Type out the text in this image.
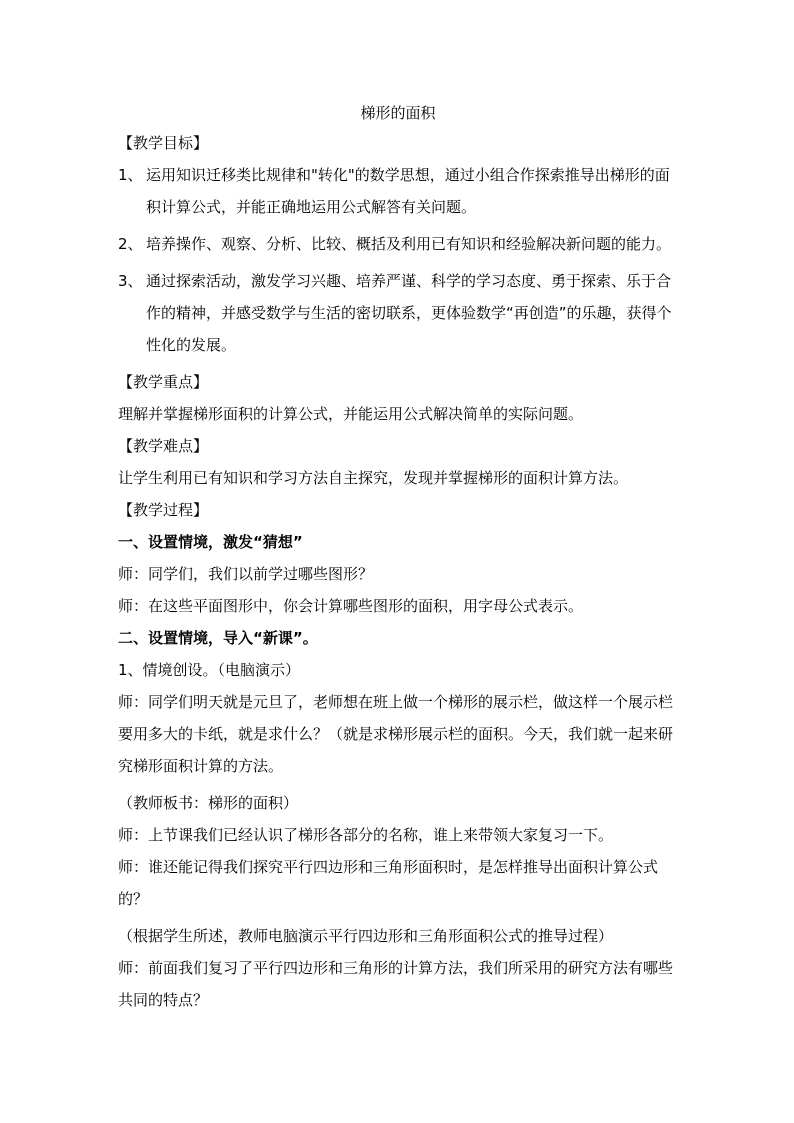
梯形的面积
【教学目标】
1、 运用知识迁移类比规律和"转化"的数学思想，通过小组合作探索推导出梯形的面积计算公式，并能正确地运用公式解答有关问题。
2、 培养操作、观察、分析、比较、概括及利用已有知识和经验解决新问题的能力。
3、 通过探索活动，激发学习兴趣、培养严谨、科学的学习态度、勇于探索、乐于合作的精神，并感受数学与生活的密切联系，更体验数学“再创造”的乐趣，获得个性化的发展。
【教学重点】
理解并掌握梯形面积的计算公式，并能运用公式解决简单的实际问题。
【教学难点】
让学生利用已有知识和学习方法自主探究，发现并掌握梯形的面积计算方法。
【教学过程】
一、设置情境，激发“猜想”
师：同学们，我们以前学过哪些图形？
师：在这些平面图形中，你会计算哪些图形的面积，用字母公式表示。
二、设置情境，导入“新课”。
1、情境创设。（电脑演示）
师：同学们明天就是元旦了，老师想在班上做一个梯形的展示栏，做这样一个展示栏要用多大的卡纸，就是求什么？（就是求梯形展示栏的面积。今天，我们就一起来研究梯形面积计算的方法。
（教师板书：梯形的面积）
师：上节课我们已经认识了梯形各部分的名称，谁上来带领大家复习一下。
师：谁还能记得我们探究平行四边形和三角形面积时，是怎样推导出面积计算公式的？
（根据学生所述，教师电脑演示平行四边形和三角形面积公式的推导过程）
师：前面我们复习了平行四边形和三角形的计算方法，我们所采用的研究方法有哪些共同的特点？
